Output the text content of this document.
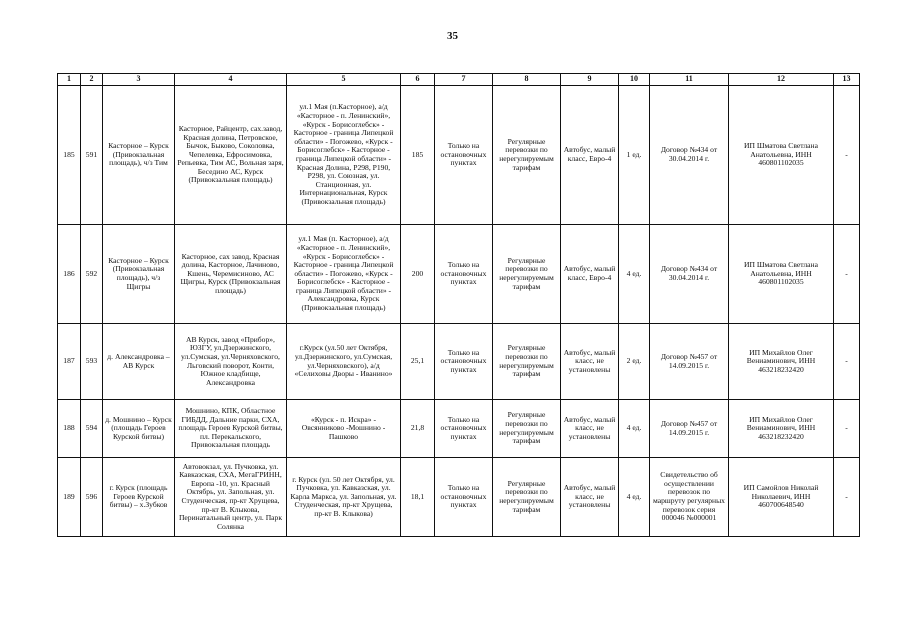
35
1	2	3	4	5	6	7	8	9	10	11	12	13
185	591	Касторное – Курск (Привокзальная площадь), ч/з Тим	Касторное, Райцентр, сах.завод, Красная долина, Петровское, Бычок, Быково, Соколовка, Чепелевка, Ефросимовка, Репьевка, Тим АС, Вольная заря, Беседино АС, Курск (Привокзальная площадь)	ул.1 Мая (п.Касторное), а/д «Касторное - п. Ленинский», «Курск - Борисоглебск» - Касторное - граница Липецкой области» - Погожево, «Курск - Борисоглебск» - Касторное - граница Липецкой области» - Красная Долина, Р298, Р190, Р298, ул. Союзная, ул. Станционная, ул. Интернациональная, Курск (Привокзальная площадь)	185	Только на остановочных пунктах	Регулярные перевозки по нерегулируемым тарифам	Автобус, малый класс, Евро-4	1 ед.	Договор №434 от 30.04.2014 г.	ИП Шматова Светлана Анатольевна, ИНН 460801102035	-
186	592	Касторное – Курск (Привокзальная площадь), ч/з Щигры	Касторное, сах завод, Красная долина, Касторное, Лачиново, Кшень, Черемисиново, АС Щигры, Курск (Привокзальная площадь)	ул.1 Мая (п. Касторное), а/д «Касторное - п. Ленинский», «Курск - Борисоглебск» - Касторное - граница Липецкой области» - Погожево, «Курск - Борисоглебск» - Касторное - граница Липецкой области» - Александровка, Курск (Привокзальная площадь)	200	Только на остановочных пунктах	Регулярные перевозки по нерегулируемым тарифам	Автобус, малый класс, Евро-4	4 ед.	Договор №434 от 30.04.2014 г.	ИП Шматова Светлана Анатольевна, ИНН 460801102035	-
187	593	д. Александровка – АВ Курск	АВ Курск, завод «Прибор», ЮЗГУ, ул.Дзержинского, ул.Сумская, ул.Черняховского, Льговский поворот, Конти, Южное кладбище, Александровка	г.Курск (ул.50 лет Октября, ул.Дзержинского, ул.Сумская, ул.Черняховского), а/д «Селиховы Дворы - Иванино»	25,1	Только на остановочных пунктах	Регулярные перевозки по нерегулируемым тарифам	Автобус, малый класс, не установлены	2 ед.	Договор №457 от 14.09.2015 г.	ИП Михайлов Олег Вениаминович, ИНН 463218232420	-
188	594	д. Мошнино – Курск (площадь Героев Курской битвы)	Мошнино, КПК, Областное ГИБДД, Дальние парки, СХА, площадь Героев Курской битвы, пл. Перекальского, Привокзальная площадь	«Курск - п. Искра» - Овсянниково -Мошнино - Пашково	21,8	Только на остановочных пунктах	Регулярные перевозки по нерегулируемым тарифам	Автобус, малый класс, не установлены	4 ед.	Договор №457 от 14.09.2015 г.	ИП Михайлов Олег Вениаминович, ИНН 463218232420	-
189	596	г. Курск (площадь Героев Курской битвы) – х.Зубков	Автовокзал, ул. Пучковка, ул. Кавказская, СХА, МегаГРИНН, Европа -10, ул. Красный Октябрь, ул. Запольная, ул. Студенческая, пр-кт Хрущева, пр-кт В. Клыкова, Перинатальный центр, ул. Парк Солянка	г. Курск (ул. 50 лет Октября, ул. Пучковка, ул. Кавказская, ул. Карла Маркса, ул. Запольная, ул. Студенческая, пр-кт Хрущева, пр-кт В. Клыкова)	18,1	Только на остановочных пунктах	Регулярные перевозки по нерегулируемым тарифам	Автобус, малый класс, не установлены	4 ед.	Свидетельство об осуществлении перевозок по маршруту регулярных перевозок серия 000046 №000001	ИП Самойлов Николай Николаевич, ИНН 460700648540	-
